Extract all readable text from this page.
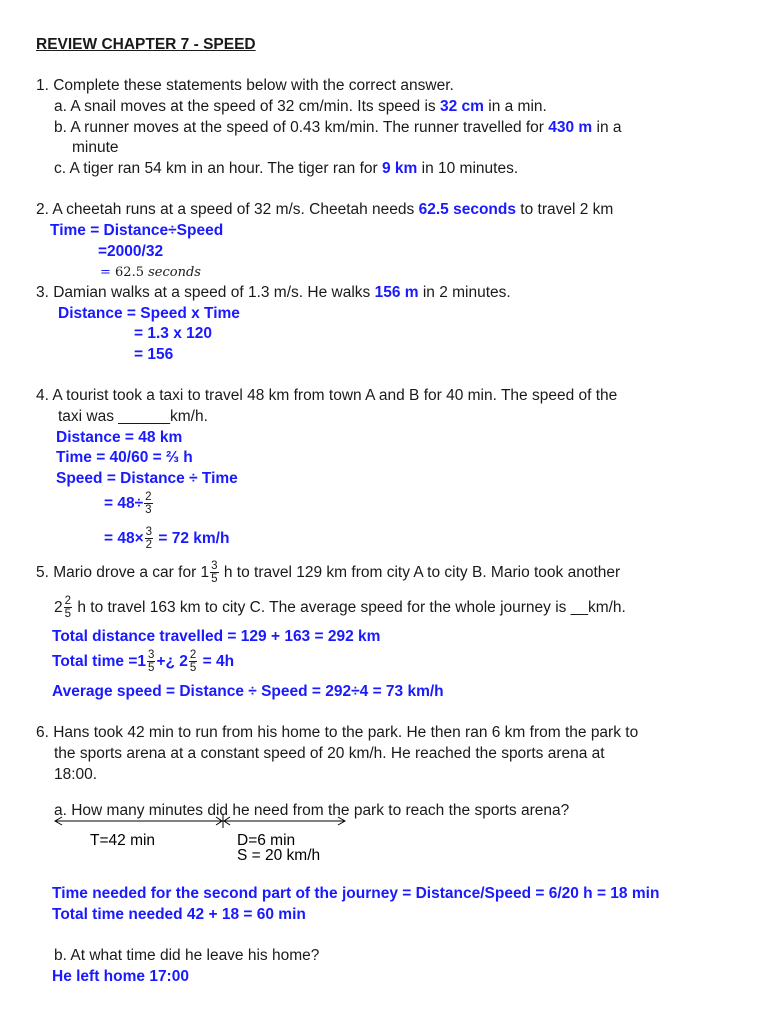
REVIEW CHAPTER 7 - SPEED
1. Complete these statements below with the correct answer.
a. A snail moves at the speed of 32 cm/min. Its speed is 32 cm in a min.
b. A runner moves at the speed of 0.43 km/min. The runner travelled for 430 m in a
minute
c. A tiger ran 54 km in an hour. The tiger ran for 9 km in 10 minutes.
2. A cheetah runs at a speed of 32 m/s. Cheetah needs 62.5 seconds to travel 2 km
Time = Distance÷Speed
=2000/32
= 62.5 seconds
3. Damian walks at a speed of 1.3 m/s. He walks 156 m in 2 minutes.
Distance = Speed x Time
= 1.3 x 120
= 156
4. A tourist took a taxi to travel 48 km from town A and B for 40 min. The speed of the
taxi was ______km/h.
Distance = 48 km
Time = 40/60 = ⅔ h
Speed = Distance ÷ Time
= $48\div \frac{2}{3}$
= $48\times \frac{3}{2} = 72$ km/h
5. Mario drove a car for $1 \frac{3}{5}$ h to travel 129 km from city A to city B. Mario took another
$2 \frac{2}{5}$ h to travel 163 km to city C. The average speed for the whole journey is __km/h.
Total distance travelled = 129 + 163 = 292 km
Total time $=1 \frac{3}{5}$ +¿ $2 \frac{2}{5} = 4h$
Average speed = Distance ÷ Speed = 292÷4 = 73 km/h
6. Hans took 42 min to run from his home to the park. He then ran 6 km from the park to
the sports arena at a constant speed of 20 km/h. He reached the sports arena at
18:00.
a. How many minutes did he need from the park to reach the sports arena?
T=42 min	D=6 min
S = 20 km/h
Time needed for the second part of the journey = Distance/Speed = 6/20 h = 18 min
Total time needed 42 + 18 = 60 min
b. At what time did he leave his home?
He left home 17:00
